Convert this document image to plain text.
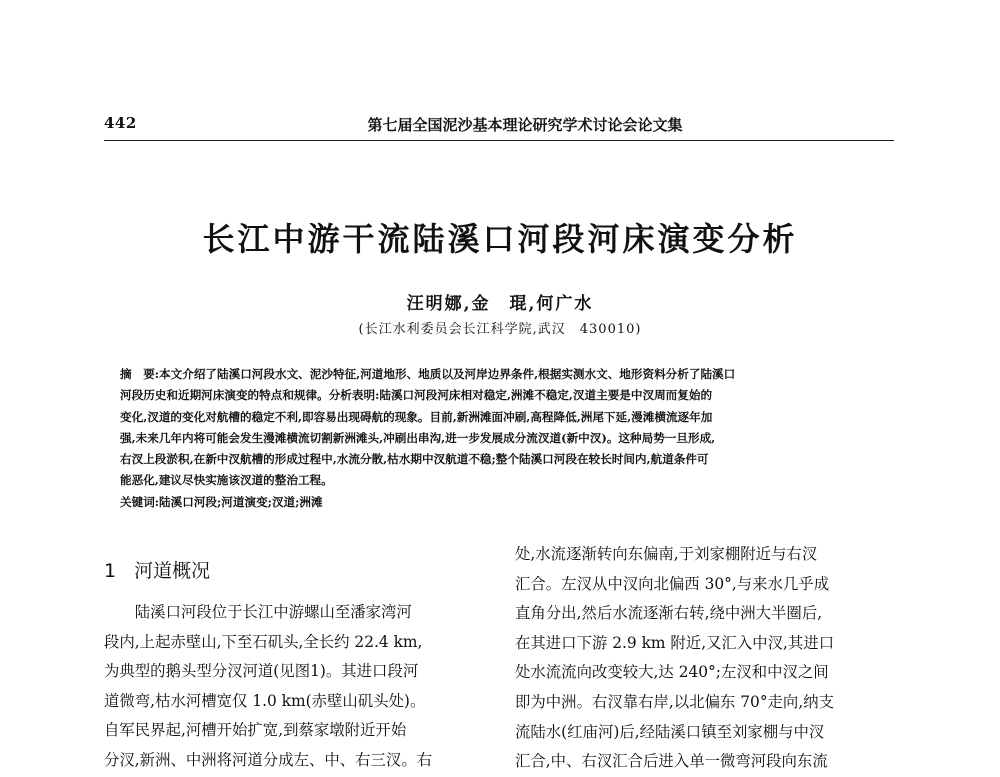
442	第七届全国泥沙基本理论研究学术讨论会论文集
长江中游干流陆溪口河段河床演变分析
汪明娜,金　琨,何广水
(长江水利委员会长江科学院,武汉　430010)
摘　要:本文介绍了陆溪口河段水文、泥沙特征,河道地形、地质以及河岸边界条件,根据实测水文、地形资料分析了陆溪口
河段历史和近期河床演变的特点和规律。分析表明:陆溪口河段河床相对稳定,洲滩不稳定,汊道主要是中汊周而复始的
变化,汊道的变化对航槽的稳定不利,即容易出现碍航的现象。目前,新洲滩面冲刷,高程降低,洲尾下延,漫滩横流逐年加
强,未来几年内将可能会发生漫滩横流切割新洲滩头,冲刷出串沟,进一步发展成分流汊道(新中汊)。这种局势一旦形成,
右汊上段淤积,在新中汊航槽的形成过程中,水流分散,枯水期中汊航道不稳;整个陆溪口河段在较长时间内,航道条件可
能恶化,建议尽快实施该汊道的整治工程。
关键词:陆溪口河段;河道演变;汊道;洲滩
1 河道概况
　　陆溪口河段位于长江中游螺山至潘家湾河
段内,上起赤壁山,下至石矶头,全长约 22.4 km,
为典型的鹅头型分汊河道(见图1)。其进口段河
道微弯,枯水河槽宽仅 1.0 km(赤壁山矶头处)。
自军民界起,河槽开始扩宽,到蔡家墩附近开始
分汊,新洲、中洲将河道分成左、中、右三汊。右
处,水流逐渐转向东偏南,于刘家棚附近与右汊
汇合。左汊从中汊向北偏西 30°,与来水几乎成
直角分出,然后水流逐渐右转,绕中洲大半圈后,
在其进口下游 2.9 km 附近,又汇入中汊,其进口
处水流流向改变较大,达 240°;左汊和中汊之间
即为中洲。右汊靠右岸,以北偏东 70°走向,纳支
流陆水(红庙河)后,经陆溪口镇至刘家棚与中汊
汇合,中、右汊汇合后进入单一微弯河段向东流
